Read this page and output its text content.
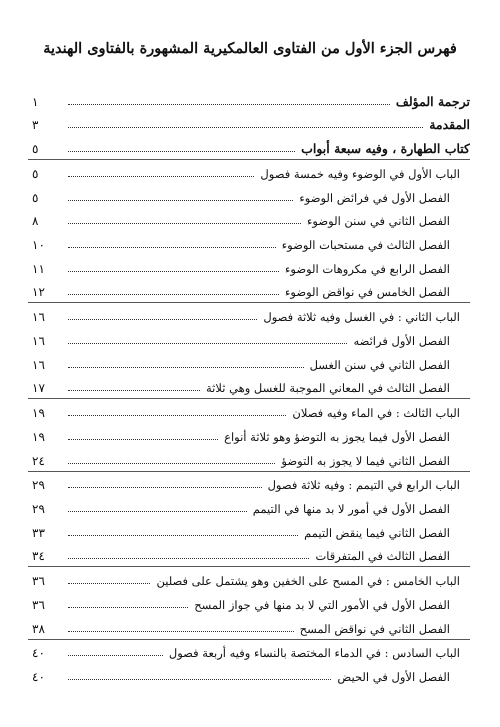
فهرس الجزء الأول من الفتاوى العالمكيرية المشهورة بالفتاوى الهندية
ترجمة المؤلف
١
المقدمة
٣
كتاب الطهارة ، وفيه سبعة أبواب
٥
الباب الأول في الوضوء وفيه خمسة فصول
٥
الفصل الأول في فرائض الوضوء
٥
الفصل الثاني في سنن الوضوء
٨
الفصل الثالث في مستحبات الوضوء
١٠
الفصل الرابع في مكروهات الوضوء
١١
الفصل الخامس في نواقض الوضوء
١٢
الباب الثاني : في الغسل وفيه ثلاثة فصول
١٦
الفصل الأول فرائضه
١٦
الفصل الثاني في سنن الغسل
١٦
الفصل الثالث في المعاني الموجبة للغسل وهي ثلاثة
١٧
الباب الثالث : في الماء وفيه فصلان
١٩
الفصل الأول فيما يجوز به التوضؤ وهو ثلاثة أنواع
١٩
الفصل الثاني فيما لا يجوز به التوضؤ
٢٤
الباب الرابع في التيمم : وفيه ثلاثة فصول
٢٩
الفصل الأول في أمور لا بد منها في التيمم
٢٩
الفصل الثاني فيما ينقض التيمم
٣٣
الفصل الثالث في المتفرقات
٣٤
الباب الخامس : في المسح على الخفين وهو يشتمل على فصلين
٣٦
الفصل الأول في الأمور التي لا بد منها في جواز المسح
٣٦
الفصل الثاني في نواقض المسح
٣٨
الباب السادس : في الدماء المختصة بالنساء وفيه أربعة فصول
٤٠
الفصل الأول في الحيض
٤٠
